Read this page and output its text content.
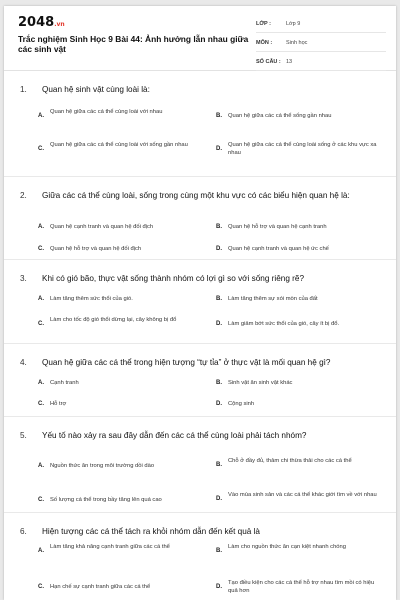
2048.vn
Trắc nghiệm Sinh Học 9 Bài 44: Ảnh hưởng lẫn nhau giữa các sinh vật
LỚP :	Lớp 9
MÔN :	Sinh học
SỐ CÂU : 13
1.	Quan hệ sinh vật cùng loài là:
A.
Quan hệ giữa các cá thể cùng loài với nhau
B. Quan hệ giữa các cá thể sống gần nhau
C.
Quan hệ giữa các cá thể cùng loài với sống gần nhau
D.
Quan hệ giữa các cá thể cùng loài sống ở các khu vực xa nhau
2.	Giữa các cá thể cùng loài, sống trong cùng một khu vực có các biểu hiện quan hệ là:
A. Quan hệ cạnh tranh và quan hệ đối địch	B. Quan hệ hỗ trợ và quan hệ cạnh tranh
C. Quan hệ hỗ trợ và quan hệ đối địch	D. Quan hệ cạnh tranh và quan hệ ức chế
3.	Khi có gió bão, thực vật sống thành nhóm có lợi gì so với sống riêng rẽ?
A. Làm tăng thêm sức thổi của gió.	B. Làm tăng thêm sự xói mòn của đất
C.
Làm cho tốc độ gió thổi dừng lại, cây không bị đổ
D. Làm giảm bớt sức thổi của gió, cây ít bị đổ.
4.	Quan hệ giữa các cá thể trong hiện tượng “tự tỉa” ở thực vật là mối quan hệ gì?
A. Cạnh tranh	B. Sinh vật ăn sinh vật khác
C. Hỗ trợ	D. Cộng sinh
5.	Yếu tố nào xảy ra sau đây dẫn đến các cá thể cùng loài phải tách nhóm?
A. Nguồn thức ăn trong môi trường dồi dào	B.
Chỗ ở đầy đủ, thảm chi thừa thải cho các cá thể
C. Số lượng cá thể trong bầy tăng lên quá cao	D.
Vào mùa sinh sản và các cá thể khác giới tìm về với nhau
6.	Hiện tượng các cá thể tách ra khỏi nhóm dẫn đến kết quả là
A.
Làm tăng khả năng cạnh tranh giữa các cá thể
B.
Làm cho nguồn thức ăn cạn kiệt nhanh chóng
C. Hạn chế sự cạnh tranh giữa các cá thể	D.
Tạo điều kiện cho các cá thể hỗ trợ nhau tìm mồi có hiệu quả hơn
